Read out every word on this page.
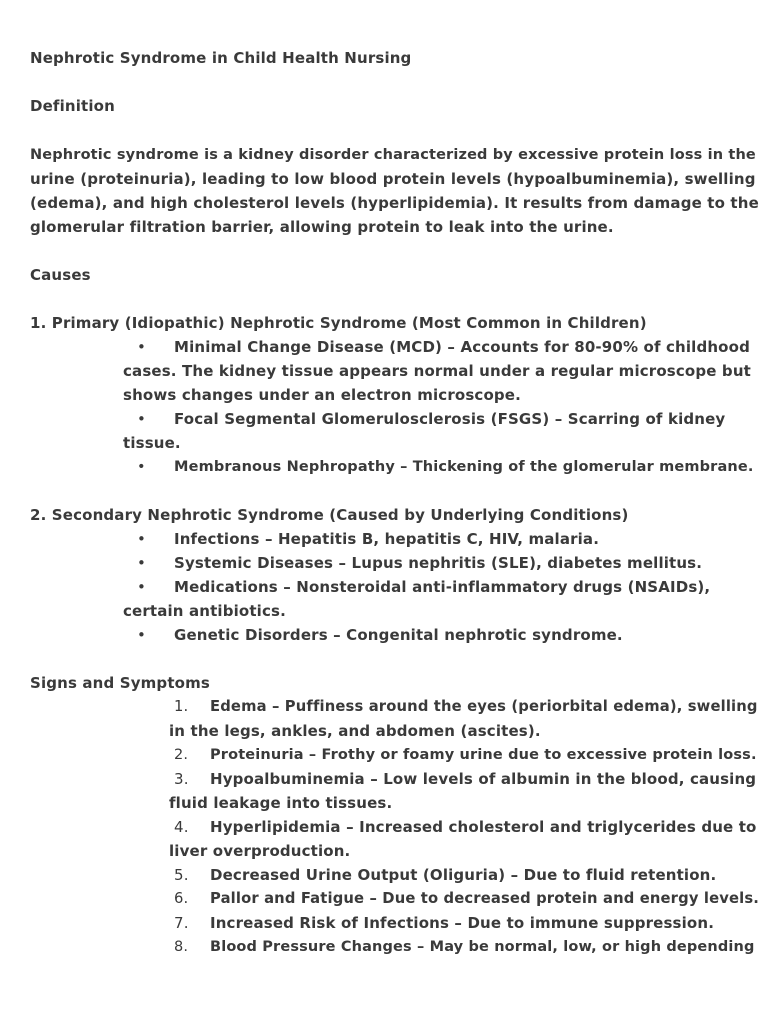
Nephrotic Syndrome in Child Health Nursing

Definition

Nephrotic syndrome is a kidney disorder characterized by excessive protein loss in the

urine (proteinuria), leading to low blood protein levels (hypoalbuminemia), swelling

(edema), and high cholesterol levels (hyperlipidemia). It results from damage to the

glomerular filtration barrier, allowing protein to leak into the urine.

Causes

1. Primary (Idiopathic) Nephrotic Syndrome (Most Common in Children)

• Minimal Change Disease (MCD) – Accounts for 80-90% of childhood

cases. The kidney tissue appears normal under a regular microscope but

shows changes under an electron microscope.

• Focal Segmental Glomerulosclerosis (FSGS) – Scarring of kidney

tissue.

• Membranous Nephropathy – Thickening of the glomerular membrane.

2. Secondary Nephrotic Syndrome (Caused by Underlying Conditions)

• Infections – Hepatitis B, hepatitis C, HIV, malaria.

• Systemic Diseases – Lupus nephritis (SLE), diabetes mellitus.

• Medications – Nonsteroidal anti-inflammatory drugs (NSAIDs),

certain antibiotics.

• Genetic Disorders – Congenital nephrotic syndrome.

Signs and Symptoms

1. Edema – Puffiness around the eyes (periorbital edema), swelling

in the legs, ankles, and abdomen (ascites).

2. Proteinuria – Frothy or foamy urine due to excessive protein loss.

3. Hypoalbuminemia – Low levels of albumin in the blood, causing

fluid leakage into tissues.

4. Hyperlipidemia – Increased cholesterol and triglycerides due to

liver overproduction.

5. Decreased Urine Output (Oliguria) – Due to fluid retention.

6. Pallor and Fatigue – Due to decreased protein and energy levels.

7. Increased Risk of Infections – Due to immune suppression.

8. Blood Pressure Changes – May be normal, low, or high depending
